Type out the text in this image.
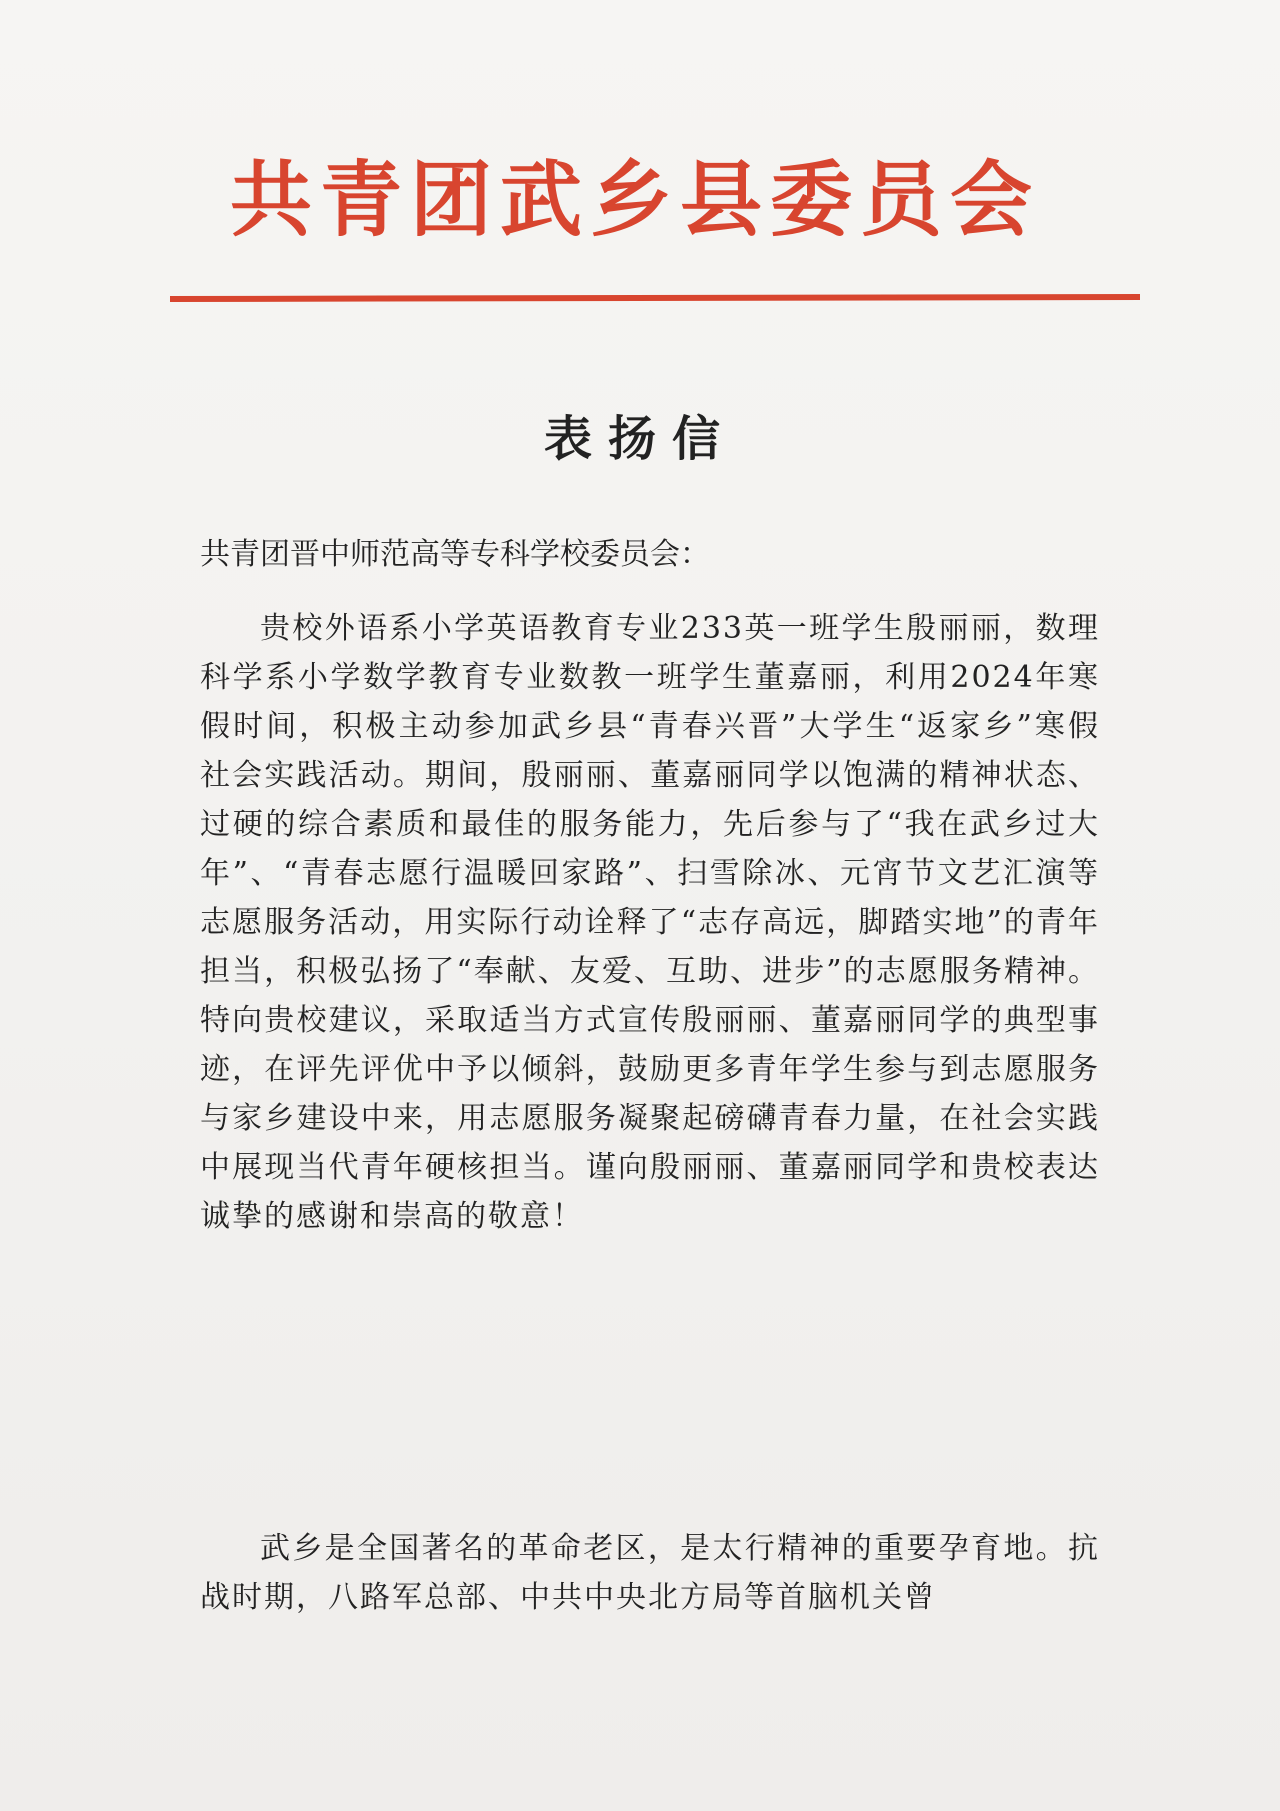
共青团武乡县委员会
表扬信
共青团晋中师范高等专科学校委员会：

贵校外语系小学英语教育专业233英一班学生殷丽丽，数理科学系小学数学教育专业数教一班学生董嘉丽，利用2024年寒假时间，积极主动参加武乡县“青春兴晋”大学生“返家乡”寒假社会实践活动。期间，殷丽丽、董嘉丽同学以饱满的精神状态、过硬的综合素质和最佳的服务能力，先后参与了“我在武乡过大年”、“青春志愿行温暖回家路”、扫雪除冰、元宵节文艺汇演等志愿服务活动，用实际行动诠释了“志存高远，脚踏实地”的青年担当，积极弘扬了“奉献、友爱、互助、进步”的志愿服务精神。特向贵校建议，采取适当方式宣传殷丽丽、董嘉丽同学的典型事迹，在评先评优中予以倾斜，鼓励更多青年学生参与到志愿服务与家乡建设中来，用志愿服务凝聚起磅礴青春力量，在社会实践中展现当代青年硬核担当。谨向殷丽丽、董嘉丽同学和贵校表达诚挚的感谢和崇高的敬意！

武乡是全国著名的革命老区，是太行精神的重要孕育地。抗战时期，八路军总部、中共中央北方局等首脑机关曾
